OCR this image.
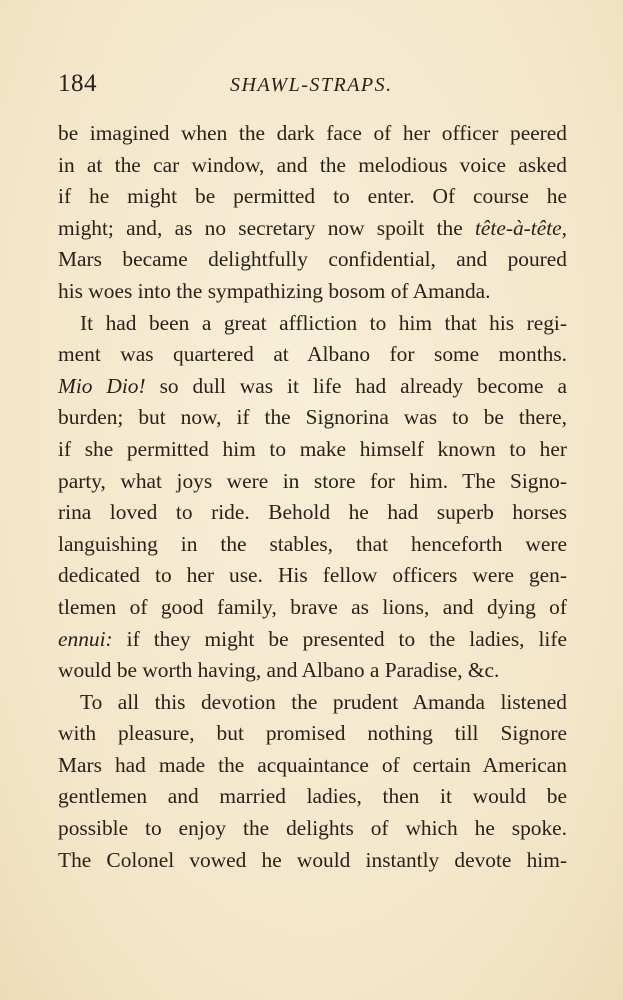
184	SHAWL-STRAPS.
be imagined when the dark face of her officer peered
in at the car window, and the melodious voice asked
if he might be permitted to enter. Of course he
might; and, as no secretary now spoilt the tête-à-tête,
Mars became delightfully confidential, and poured
his woes into the sympathizing bosom of Amanda.
It had been a great affliction to him that his regi-
ment was quartered at Albano for some months.
Mio Dio! so dull was it life had already become a
burden; but now, if the Signorina was to be there,
if she permitted him to make himself known to her
party, what joys were in store for him. The Signo-
rina loved to ride. Behold he had superb horses
languishing in the stables, that henceforth were
dedicated to her use. His fellow officers were gen-
tlemen of good family, brave as lions, and dying of
ennui: if they might be presented to the ladies, life
would be worth having, and Albano a Paradise, &c.
To all this devotion the prudent Amanda listened
with pleasure, but promised nothing till Signore
Mars had made the acquaintance of certain American
gentlemen and married ladies, then it would be
possible to enjoy the delights of which he spoke.
The Colonel vowed he would instantly devote him-
